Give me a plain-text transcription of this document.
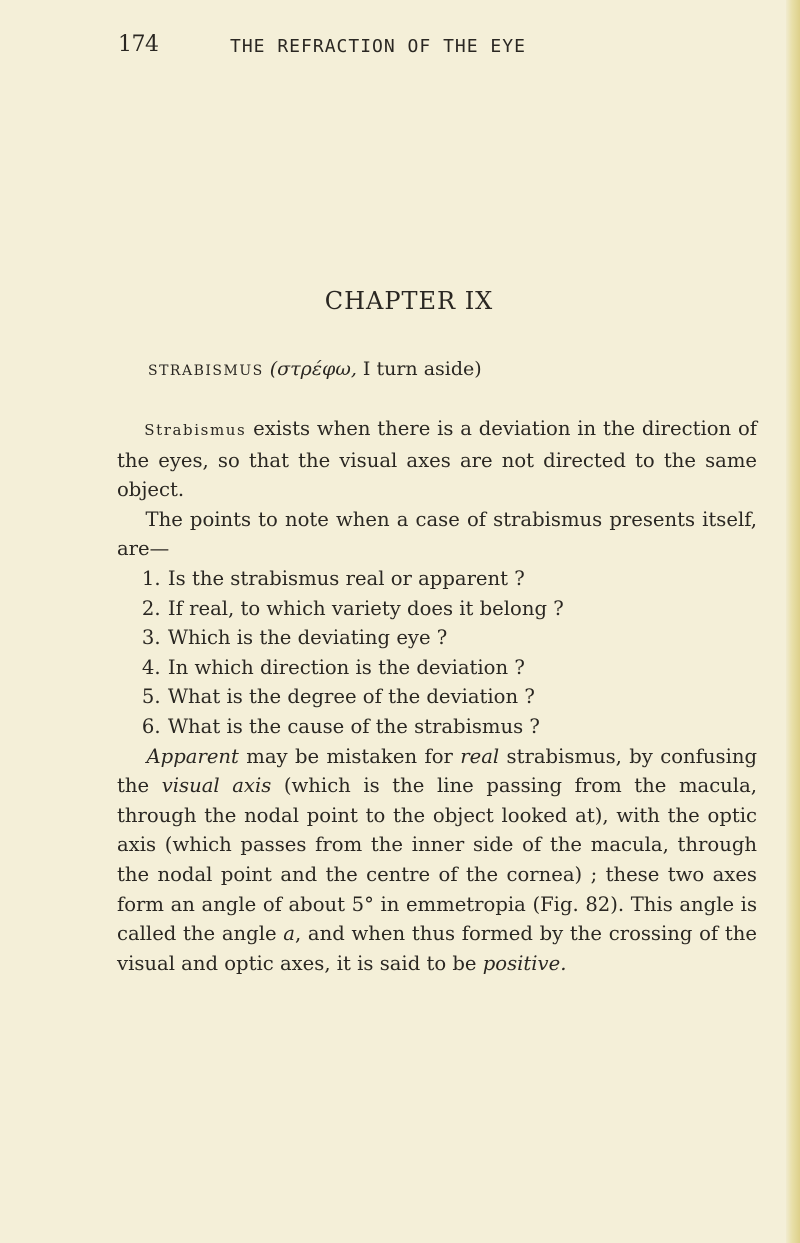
174	THE REFRACTION OF THE EYE
CHAPTER IX
STRABISMUS (στρέφω, I turn aside)

Strabismus exists when there is a deviation in the direction of the eyes, so that the visual axes are not directed to the same object.

The points to note when a case of strabismus presents itself, are—

1. Is the strabismus real or apparent ?
2. If real, to which variety does it belong ?
3. Which is the deviating eye ?
4. In which direction is the deviation ?
5. What is the degree of the deviation ?
6. What is the cause of the strabismus ?

Apparent may be mistaken for real strabismus, by confusing the visual axis (which is the line passing from the macula, through the nodal point to the object looked at), with the optic axis (which passes from the inner side of the macula, through the nodal point and the centre of the cornea) ; these two axes form an angle of about 5° in emmetropia (Fig. 82). This angle is called the angle a, and when thus formed by the crossing of the visual and optic axes, it is said to be positive.
